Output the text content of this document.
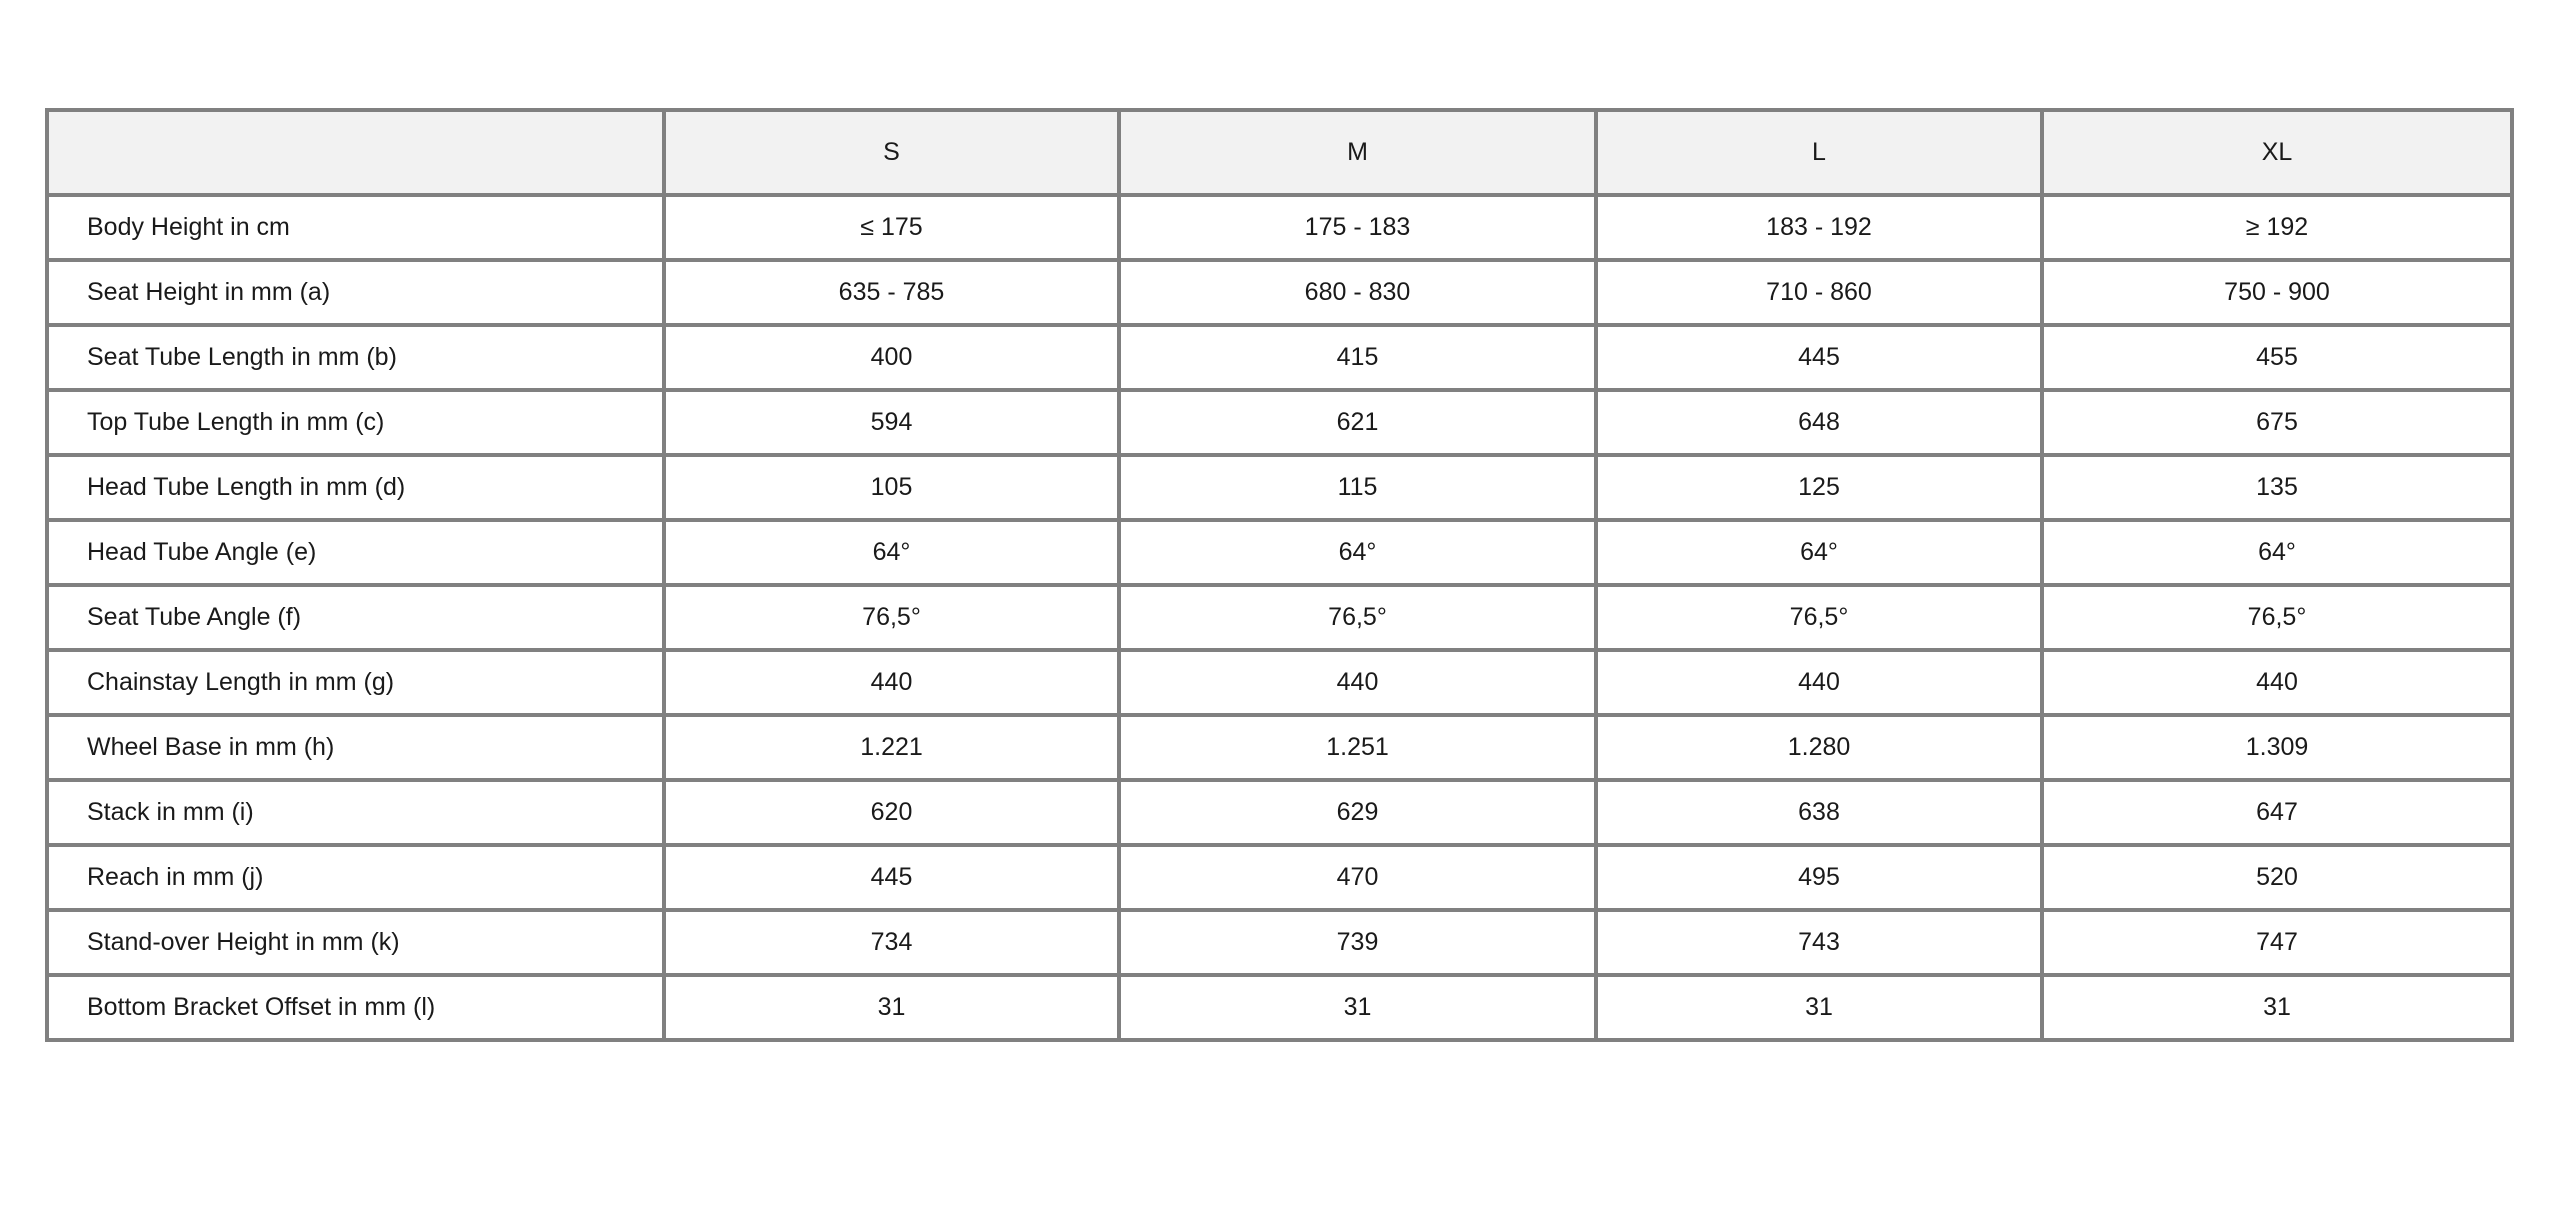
	S	M	L	XL
Body Height in cm	≤ 175	175 - 183	183 - 192	≥ 192
Seat Height in mm (a)	635 - 785	680 - 830	710 - 860	750 - 900
Seat Tube Length in mm (b)	400	415	445	455
Top Tube Length in mm (c)	594	621	648	675
Head Tube Length in mm (d)	105	115	125	135
Head Tube Angle (e)	64°	64°	64°	64°
Seat Tube Angle (f)	76,5°	76,5°	76,5°	76,5°
Chainstay Length in mm (g)	440	440	440	440
Wheel Base in mm (h)	1.221	1.251	1.280	1.309
Stack in mm (i)	620	629	638	647
Reach in mm (j)	445	470	495	520
Stand-over Height in mm (k)	734	739	743	747
Bottom Bracket Offset in mm (l)	31	31	31	31
